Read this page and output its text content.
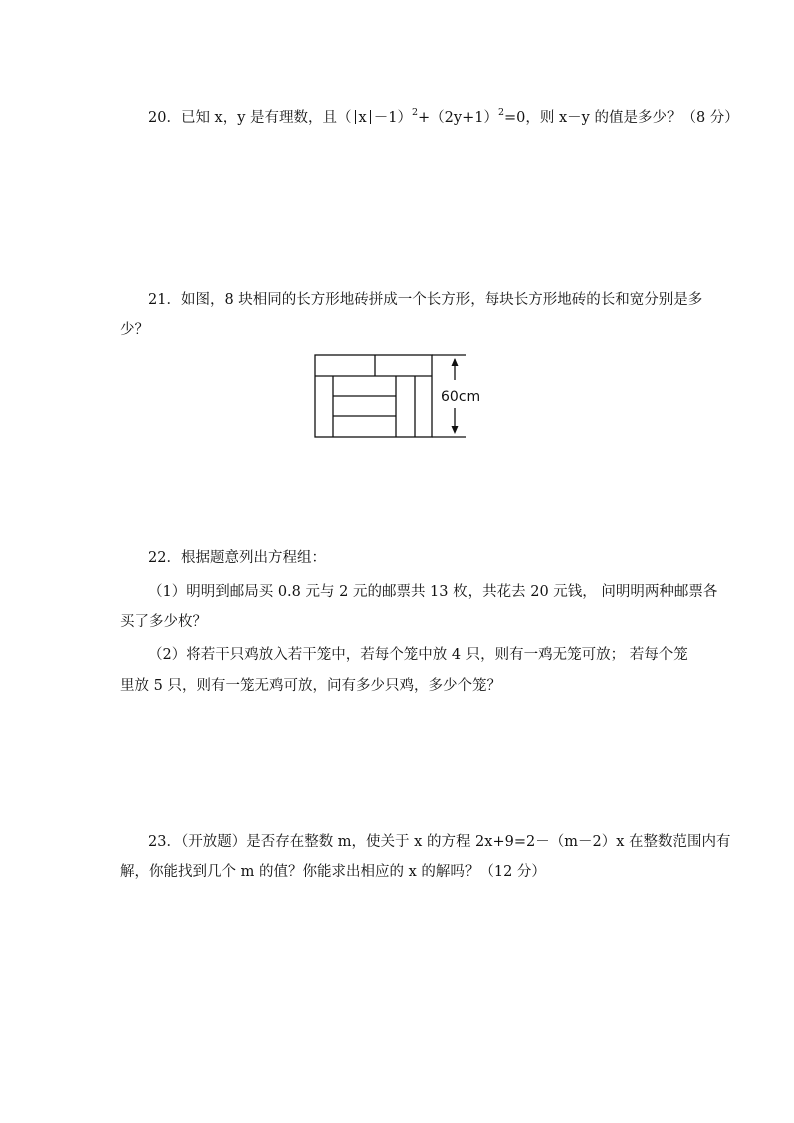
20．已知 x，y 是有理数，且（ $x -1)^2+(2y+1)^2=0$，则 x－y 的值是多少？（8 分）
21．如图，8 块相同的长方形地砖拼成一个长方形，每块长方形地砖的长和宽分别是多
少？
60cm
22．根据题意列出方程组：
（1）明明到邮局买 0.8 元与 2 元的邮票共 13 枚，共花去 20 元钱， 问明明两种邮票各
买了多少枚？
（2）将若干只鸡放入若干笼中，若每个笼中放 4 只，则有一鸡无笼可放； 若每个笼
里放 5 只，则有一笼无鸡可放，问有多少只鸡，多少个笼？
23．（开放题）是否存在整数 m，使关于 x 的方程 2x+9=2－（m－2）x 在整数范围内有
解，你能找到几个 m 的值？你能求出相应的 x 的解吗？（12 分）
